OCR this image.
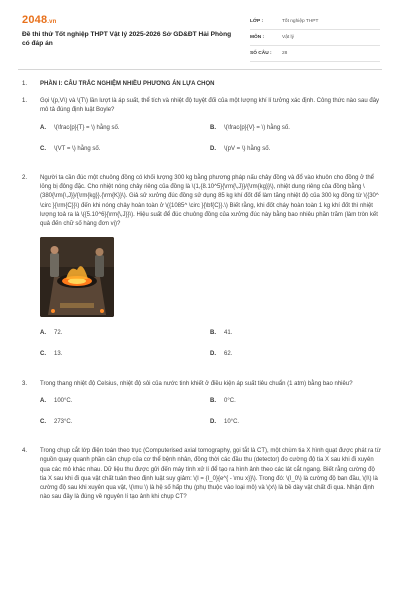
2048.vn
Đề thi thử Tốt nghiệp THPT Vật lý 2025-2026 Sở GD&ĐT Hải Phòng có đáp án
LỚP :	Tốt nghiệp THPT
MÔN :	Vật lý
SỐ CÂU :	28
1.	PHẦN I: CÂU TRẮC NGHIỆM NHIỀU PHƯƠNG ÁN LỰA CHỌN
1.	Gọi \(p,V\) và \(T\) lần lượt là áp suất, thể tích và nhiệt độ tuyệt đối của một lượng khí lí tưởng xác định. Công thức nào sau đây mô tả đúng định luật Boyle?

A. \(\frac{p}{T} = \) hằng số.	B. \(\frac{p}{V} = \) hằng số.
C. \(VT = \) hằng số.	D. \(pV = \) hằng số.
2.	Người ta cần đúc một chuông đồng có khối lượng 300 kg bằng phương pháp nấu chảy đồng và đổ vào khuôn cho đồng ở thể lỏng bị đông đặc. Cho nhiệt nóng chảy riêng của đồng là \(1,{8.10^5}{\rm{\,J}}/{\rm{kg}}\), nhiệt dung riêng của đồng bằng \(380{\rm{\,J}}/{\rm{kg}}.{\rm{K}}\). Giả sử xưởng đúc đồng sử dụng 85 kg khí đốt để làm tăng nhiệt độ của 300 kg đồng từ \({30^ \circ }{\rm{C}}\) đến khi nóng chảy hoàn toàn ở \({1085^ \circ }{\bf{C}}.\) Biết rằng, khi đốt cháy hoàn toàn 1 kg khí đốt thì nhiệt lượng toả ra là \({5.10^6}{\rm{\,J}}\). Hiệu suất để đúc chuông đồng của xưởng đúc này bằng bao nhiêu phần trăm (làm tròn kết quả đến chữ số hàng đơn vị)?

A. 72.	B. 41.
C. 13.	D. 62.
3.	Trong thang nhiệt độ Celsius, nhiệt độ sôi của nước tinh khiết ở điều kiện áp suất tiêu chuẩn (1 atm) bằng bao nhiêu?

A. 100°C.	B. 0°C.
C. 273°C.	D. 10°C.
4.	Trong chụp cắt lớp điện toán theo trục (Computerised axial tomography, gọi tắt là CT), một chùm tia X hình quạt được phát ra từ nguồn quay quanh phần cần chụp của cơ thể bệnh nhân, đồng thời các đầu thu (detector) đo cường độ tia X sau khi đi xuyên qua các mô khác nhau. Dữ liệu thu được gửi đến máy tính xử lí để tạo ra hình ảnh theo các lát cắt ngang. Biết rằng cường độ tia X sau khi đi qua vật chất tuân theo định luật suy giảm: \(I = {I_0}{e^{ - \mu x}}\). Trong đó: \(I_0\) là cường độ ban đầu, \(I\) là cường độ sau khi xuyên qua vật, \(\mu \) là hệ số hấp thụ (phụ thuộc vào loại mô) và \(x\) là bề dày vật chất đi qua. Nhận định nào sau đây là đúng về nguyên lí tạo ảnh khi chụp CT?
